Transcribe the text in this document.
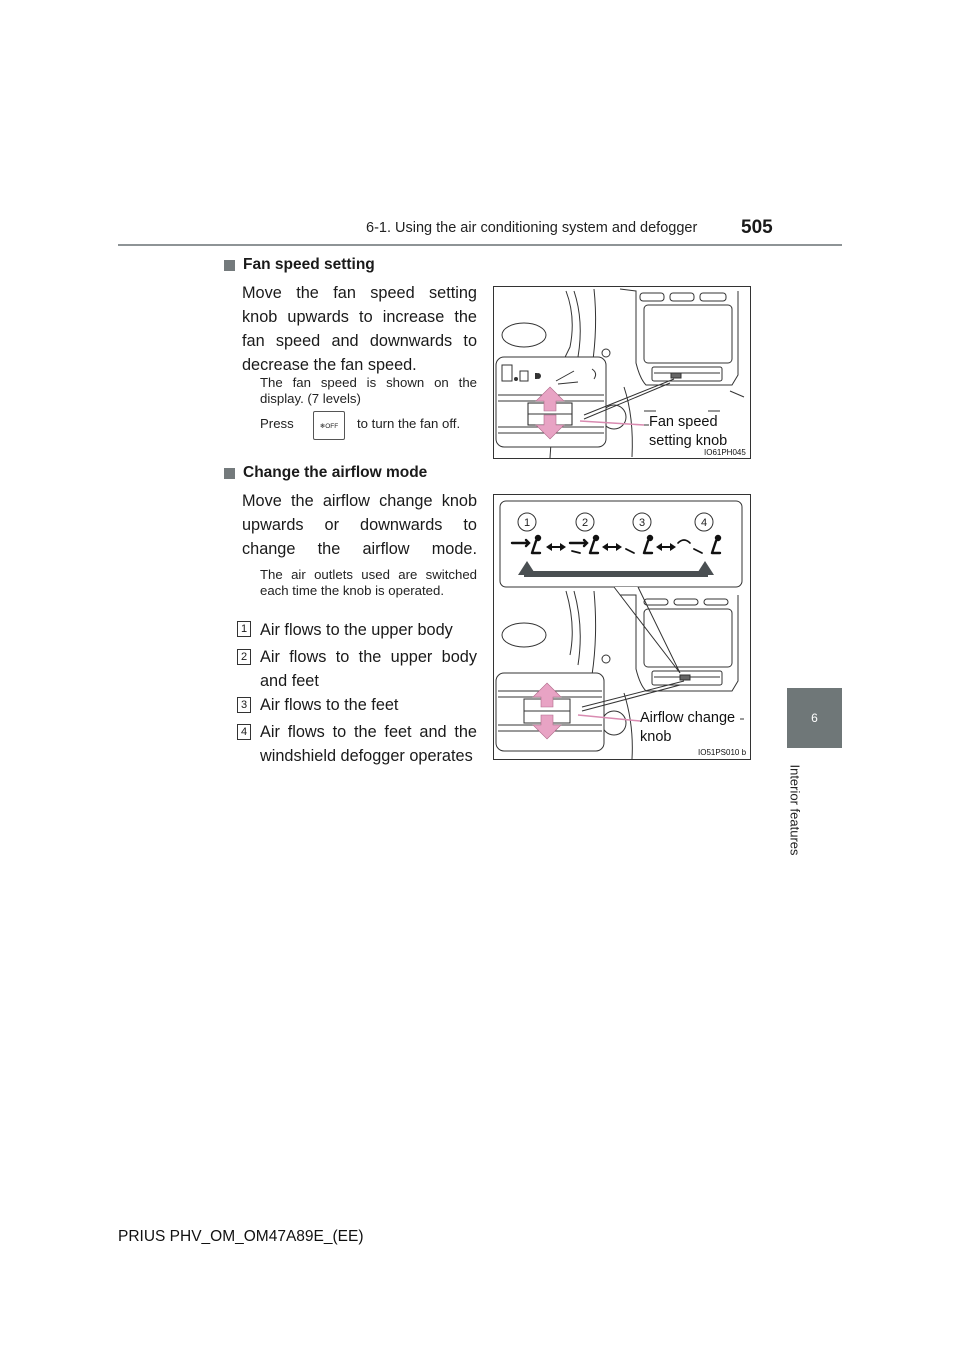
6-1. Using the air conditioning system and defogger 505
6
Interior features
Fan speed setting
Move the fan speed setting knob upwards to increase the fan speed and downwards to decrease the fan speed.
The fan speed is shown on the display. (7 levels)
Press	❄OFF	to turn the fan off.	Fan speed setting knob
IO61PH045
Change the airflow mode
Move the airflow change knob upwards or downwards to change the airflow mode.
The air outlets used are switched each time the knob is operated.
1 Air flows to the upper body
2 Air flows to the upper body and feet
3 Air flows to the feet
4 Air flows to the feet and the windshield defogger operates
1	2	3	4
Airflow change knob
IO51PS010 b
PRIUS PHV_OM_OM47A89E_(EE)
